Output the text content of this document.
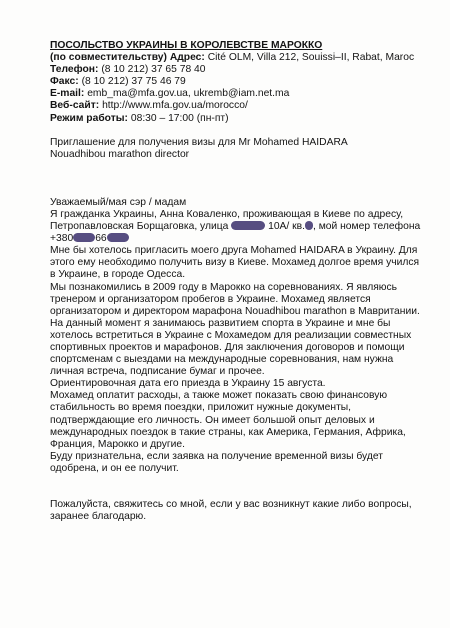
ПОСОЛЬСТВО УКРАИНЫ В КОРОЛЕВСТВЕ МАРОККО

(по совместительству) Адрес: Cité OLM, Villa 212, Souissi–II, Rabat, Maroc

Телефон: (8 10 212) 37 65 78 40

Факс: (8 10 212) 37 75 46 79

E-mail: emb_ma@mfa.gov.ua, ukremb@iam.net.ma

Веб-сайт: http://www.mfa.gov.ua/morocco/

Режим работы: 08:30 – 17:00 (пн-пт)

Приглашение для получения визы для Mr Mohamed HAIDARA

Nouadhibou marathon director

Уважаемый/мая сэр / мадам

Я гражданка Украины, Анна Коваленко, проживающая в Киеве по адресу, Петропавловская Борщаговка, улица	10А/ кв. , мой номер телефона +380 66

Мне бы хотелось пригласить моего друга Mohamed HAIDARA в Украину. Для этого ему необходимо получить визу в Киеве. Мохамед долгое время учился в Украине, в городе Одесса.

Мы познакомились в 2009 году в Марокко на соревнованиях. Я являюсь тренером и организатором пробегов в Украине. Мохамед является организатором и директором марафона Nouadhibou marathon в Мавритании.

На данный момент я занимаюсь развитием спорта в Украине и мне бы хотелось встретиться в Украине с Мохамедом для реализации совместных спортивных проектов и марафонов. Для заключения договоров и помощи спортсменам с выездами на международные соревнования, нам нужна личная встреча, подписание бумаг и прочее.

Ориентировочная дата его приезда в Украину 15 августа.

Мохамед оплатит расходы, а также может показать свою финансовую стабильность во время поездки, приложит нужные документы, подтверждающие его личность. Он имеет большой опыт деловых и международных поездок в такие страны, как Америка, Германия, Африка, Франция, Марокко и другие.

Буду признательна, если заявка на получение временной визы будет одобрена, и он ее получит.

Пожалуйста, свяжитесь со мной, если у вас возникнут какие либо вопросы, заранее благодарю.
